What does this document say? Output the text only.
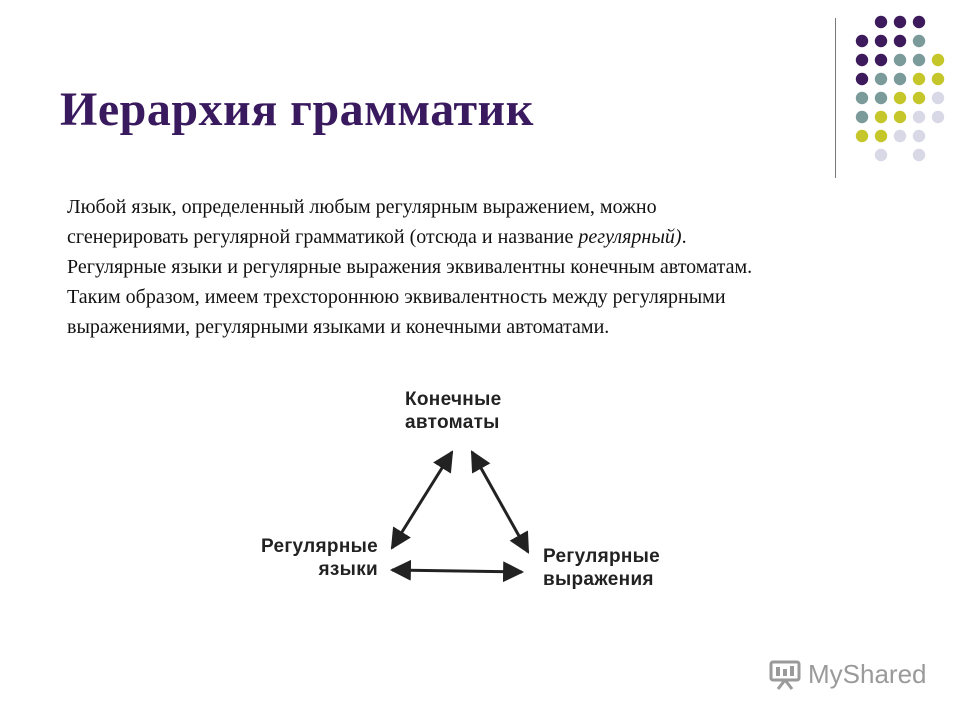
Иерархия грамматик
Любой язык, определенный любым регулярным выражением, можно
сгенерировать регулярной грамматикой (отсюда и название регулярный).
Регулярные языки и регулярные выражения эквивалентны конечным автоматам.
Таким образом, имеем трехстороннюю эквивалентность между регулярными
выражениями, регулярными языками и конечными автоматами.
Конечные
автоматы
Регулярные
языки
Регулярные
выражения
MyShared
